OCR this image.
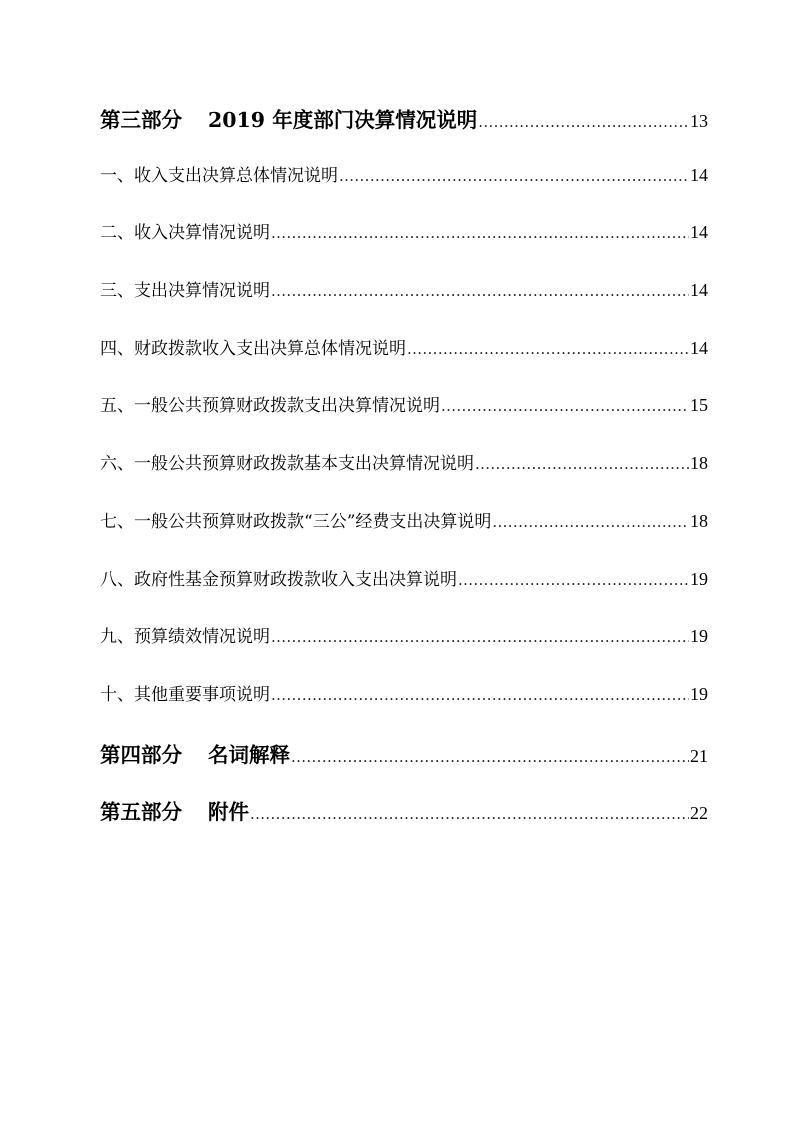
第三部分 2019 年度部门决算情况说明 . . .	13
一、收入支出决算总体情况说明 . . .	14
二、收入决算情况说明 . . .	14
三、支出决算情况说明 . . .	14
四、财政拨款收入支出决算总体情况说明 . . .	14
五、一般公共预算财政拨款支出决算情况说明 . . .	15
六、一般公共预算财政拨款基本支出决算情况说明 . . .	18
七、一般公共预算财政拨款“三公”经费支出决算说明 . . .	18
八、政府性基金预算财政拨款收入支出决算说明 . . .	19
九、预算绩效情况说明 . . .	19
十、其他重要事项说明 . . .	19
第四部分 名词解释 . . .	21
第五部分 附件 . . .	22
